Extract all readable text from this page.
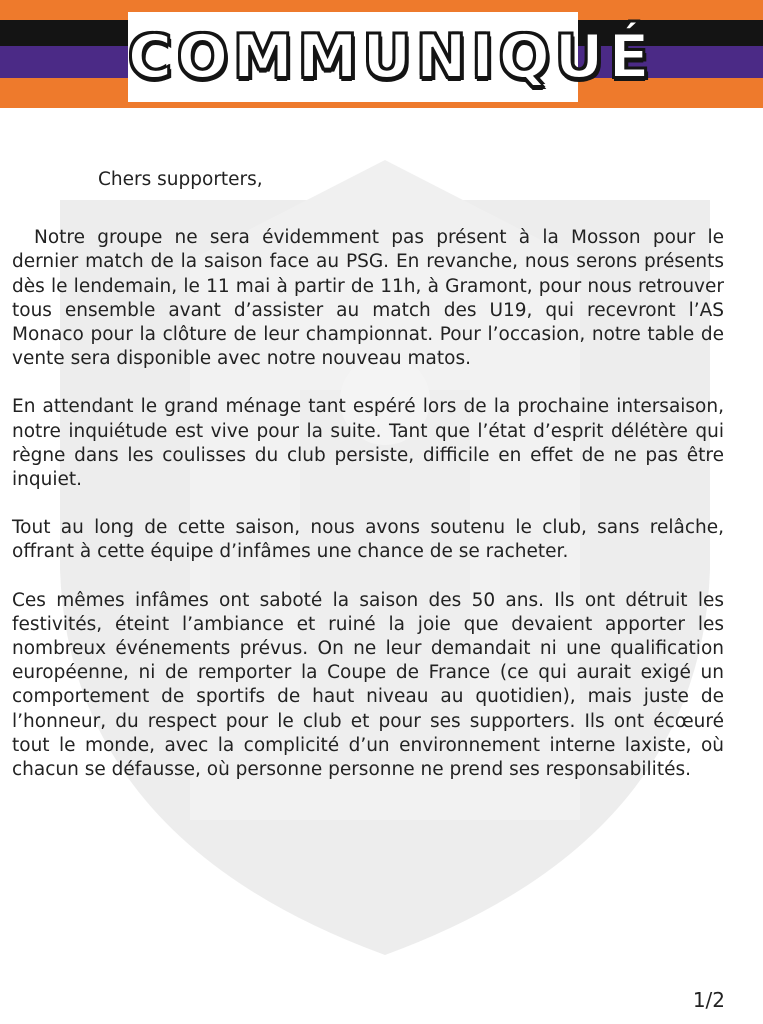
COMMUNIQUÉ

Chers supporters,

Notre groupe ne sera évidemment pas présent à la Mosson pour le dernier match de la saison face au PSG. En revanche, nous serons présents dès le lendemain, le 11 mai à partir de 11h, à Gramont, pour nous retrouver tous ensemble avant d’assister au match des U19, qui recevront l’AS Monaco pour la clôture de leur championnat. Pour l’occasion, notre table de vente sera disponible avec notre nouveau matos.

En attendant le grand ménage tant espéré lors de la prochaine intersaison, notre inquiétude est vive pour la suite. Tant que l’état d’esprit délétère qui règne dans les coulisses du club persiste, difficile en effet de ne pas être inquiet.

Tout au long de cette saison, nous avons soutenu le club, sans relâche, offrant à cette équipe d’infâmes une chance de se racheter.

Ces mêmes infâmes ont saboté la saison des 50 ans. Ils ont détruit les festivités, éteint l’ambiance et ruiné la joie que devaient apporter les nombreux événements prévus. On ne leur demandait ni une qualification européenne, ni de remporter la Coupe de France (ce qui aurait exigé un comportement de sportifs de haut niveau au quotidien), mais juste de l’honneur, du respect pour le club et pour ses supporters. Ils ont écœuré tout le monde, avec la complicité d’un environnement interne laxiste, où chacun se défausse, où personne personne ne prend ses responsabilités.

1/2
